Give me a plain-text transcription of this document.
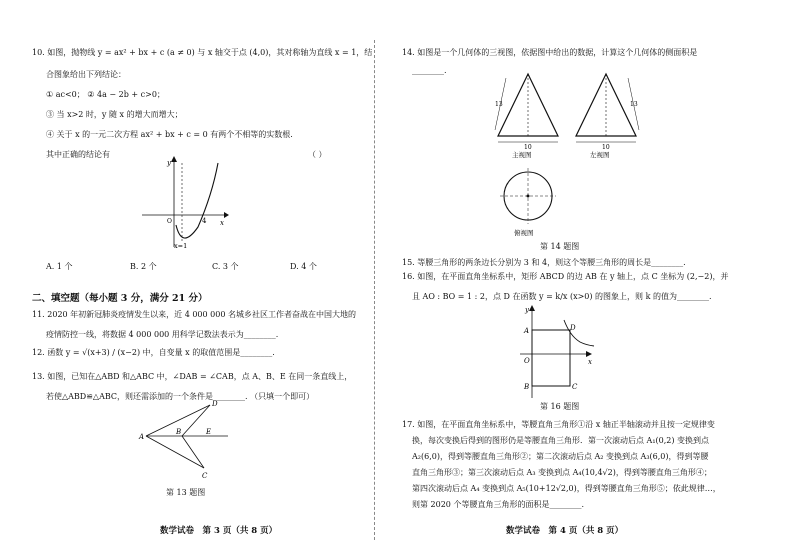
10. 如图，抛物线 y = ax² + bx + c (a ≠ 0) 与 x 轴交于点 (4,0)，其对称轴为直线 x = 1，结
合图象给出下列结论：
① ac<0； ② 4a − 2b + c>0；
③ 当 x>2 时，y 随 x 的增大而增大；
④ 关于 x 的一元二次方程 ax² + bx + c = 0 有两个不相等的实数根.
其中正确的结论有	（ ）
y
x
4
O
x=1
A. 1 个	B. 2 个	C. 3 个	D. 4 个
二、填空题（每小题 3 分，满分 21 分）
11. 2020 年初新冠肺炎疫情发生以来，近 4 000 000 名城乡社区工作者奋战在中国大地的
疫情防控一线，将数据 4 000 000 用科学记数法表示为________.
12. 函数 y = √(x+3) / (x−2) 中，自变量 x 的取值范围是________.
13. 如图，已知在△ABD 和△ABC 中，∠DAB = ∠CAB，点 A、B、E 在同一条直线上，
若使△ABD≌△ABC，则还需添加的一个条件是________. （只填一个即可）
A
B
D
E
C
第 13 题图
数学试卷　第 3 页（共 8 页）
14. 如图是一个几何体的三视图，依据图中给出的数据，计算这个几何体的侧面积是
________.
13
10
主视图
13
10
左视图
俯视图
第 14 题图
15. 等腰三角形的两条边长分别为 3 和 4，则这个等腰三角形的周长是________.
16. 如图，在平面直角坐标系中，矩形 ABCD 的边 AB 在 y 轴上，点 C 坐标为 (2,−2)，并
且 AO : BO = 1 : 2，点 D 在函数 y = k/x (x>0) 的图象上，则 k 的值为________.
y
x
A	D
O
B	C
第 16 题图
17. 如图，在平面直角坐标系中，等腰直角三角形①沿 x 轴正半轴滚动并且按一定规律变
换，每次变换后得到的图形仍是等腰直角三角形．第一次滚动后点 A₁(0,2) 变换到点
A₂(6,0)，得到等腰直角三角形②；第二次滚动后点 A₂ 变换到点 A₃(6,0)，得到等腰
直角三角形③；第三次滚动后点 A₃ 变换到点 A₄(10,4√2)，得到等腰直角三角形④；
第四次滚动后点 A₄ 变换到点 A₅(10+12√2,0)，得到等腰直角三角形⑤；依此规律…，
则第 2020 个等腰直角三角形的面积是________.
数学试卷　第 4 页（共 8 页）
